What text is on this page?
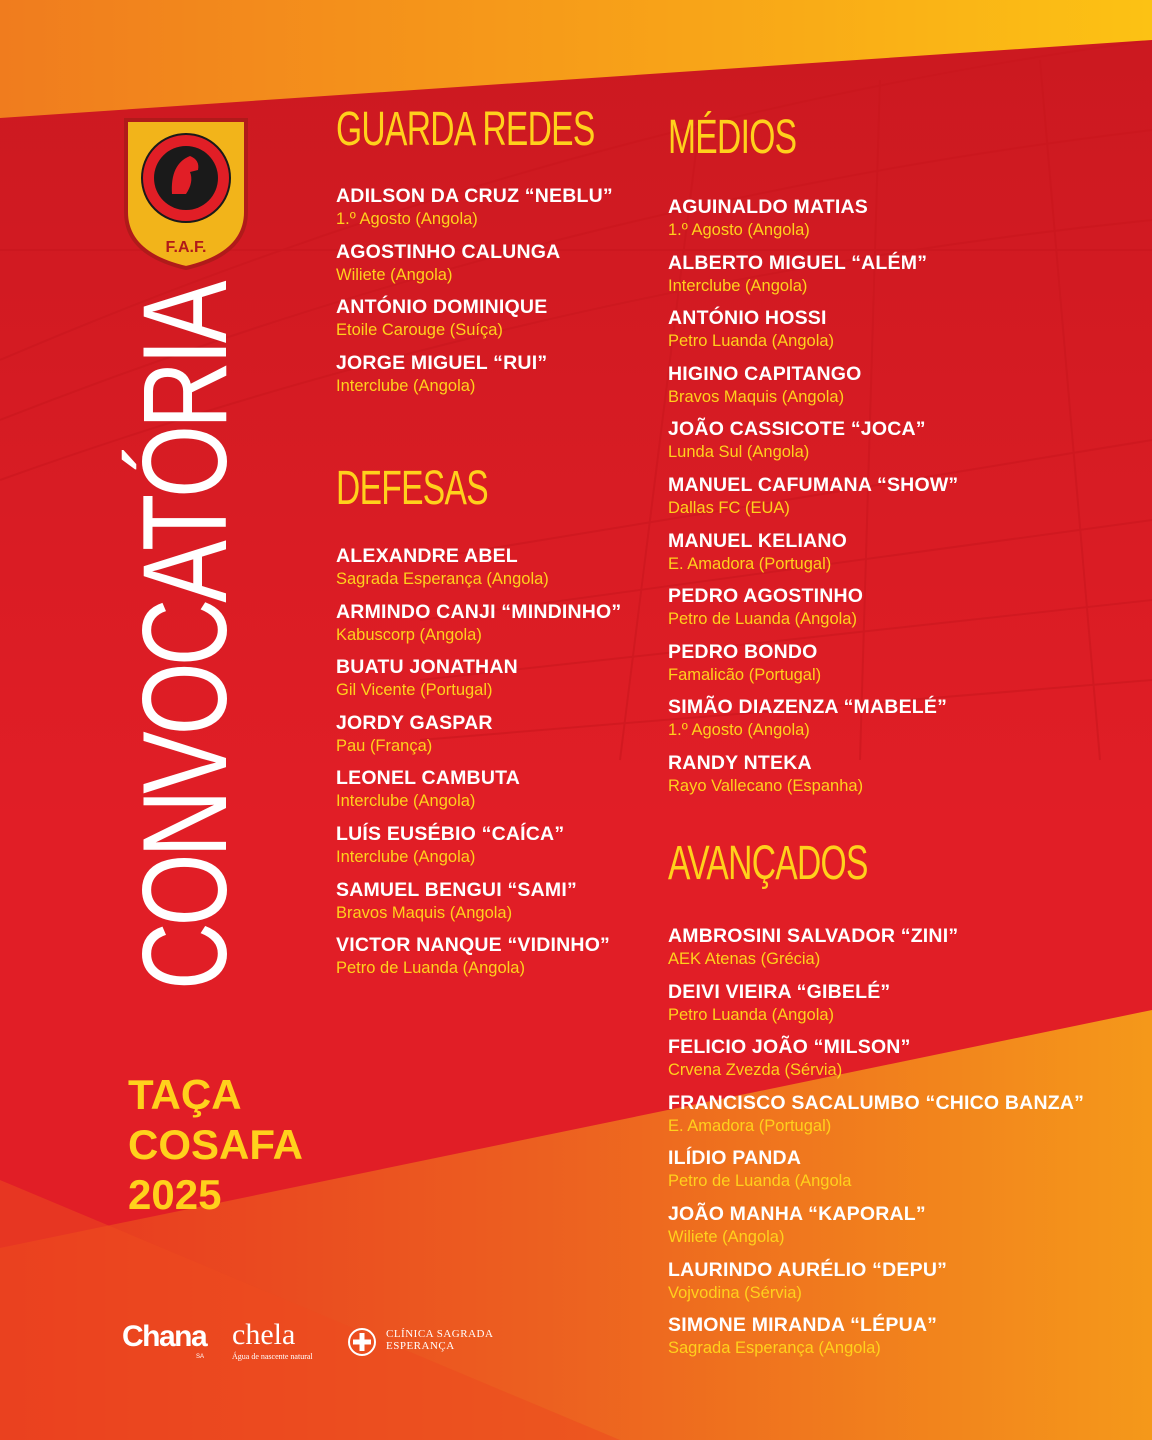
F.A.F.
CONVOCATÓRIA
TAÇA
COSAFA
2025
Chana
SA
chela
Água de nascente natural
CLÍNICA SAGRADA
ESPERANÇA
GUARDA REDES
ADILSON DA CRUZ “NEBLU”
1.º Agosto (Angola)
AGOSTINHO CALUNGA
Wiliete (Angola)
ANTÓNIO DOMINIQUE
Etoile Carouge (Suíça)
JORGE MIGUEL “RUI”
Interclube (Angola)
DEFESAS
ALEXANDRE ABEL
Sagrada Esperança (Angola)
ARMINDO CANJI “MINDINHO”
Kabuscorp (Angola)
BUATU JONATHAN
Gil Vicente (Portugal)
JORDY GASPAR
Pau (França)
LEONEL CAMBUTA
Interclube (Angola)
LUÍS EUSÉBIO “CAÍCA”
Interclube (Angola)
SAMUEL BENGUI “SAMI”
Bravos Maquis (Angola)
VICTOR NANQUE “VIDINHO”
Petro de Luanda (Angola)
MÉDIOS
AGUINALDO MATIAS
1.º Agosto (Angola)
ALBERTO MIGUEL “ALÉM”
Interclube (Angola)
ANTÓNIO HOSSI
Petro Luanda (Angola)
HIGINO CAPITANGO
Bravos Maquis (Angola)
JOÃO CASSICOTE “JOCA”
Lunda Sul (Angola)
MANUEL CAFUMANA “SHOW”
Dallas FC (EUA)
MANUEL KELIANO
E. Amadora (Portugal)
PEDRO AGOSTINHO
Petro de Luanda (Angola)
PEDRO BONDO
Famalicão (Portugal)
SIMÃO DIAZENZA “MABELÉ”
1.º Agosto (Angola)
RANDY NTEKA
Rayo Vallecano (Espanha)
AVANÇADOS
AMBROSINI SALVADOR “ZINI”
AEK Atenas (Grécia)
DEIVI VIEIRA “GIBELÉ”
Petro Luanda (Angola)
FELICIO JOÃO “MILSON”
Crvena Zvezda (Sérvia)
FRANCISCO SACALUMBO “CHICO BANZA”
E. Amadora (Portugal)
ILÍDIO PANDA
Petro de Luanda (Angola
JOÃO MANHA “KAPORAL”
Wiliete (Angola)
LAURINDO AURÉLIO “DEPU”
Vojvodina (Sérvia)
SIMONE MIRANDA “LÉPUA”
Sagrada Esperança (Angola)
